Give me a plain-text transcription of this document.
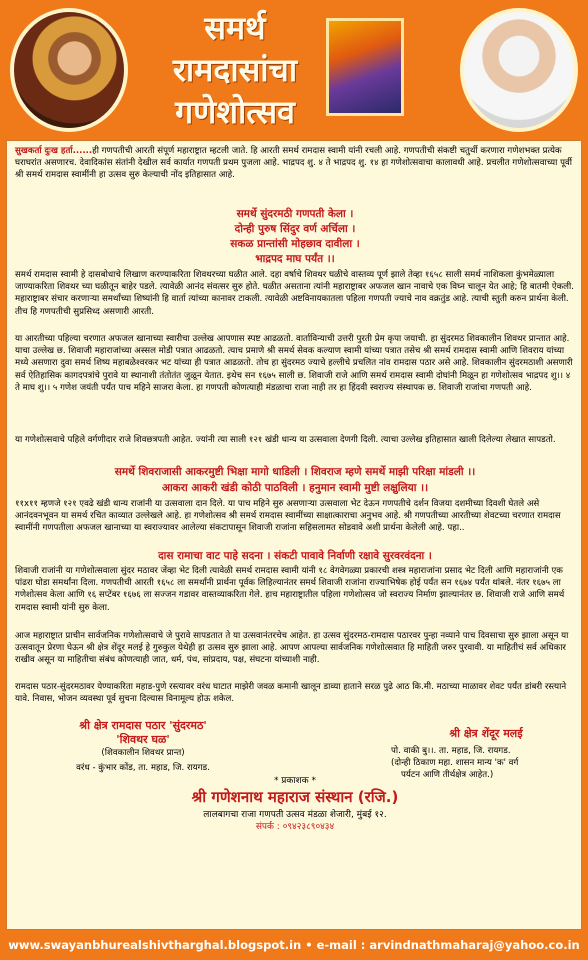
समर्थ
रामदासांचा
गणेशोत्सव
सुखकर्ता दुःख हर्ता......ही गणपतीची आरती संपूर्ण महाराष्ट्रात म्हटली जाते. हि आरती समर्थ रामदास स्वामी यांनी रचली आहे. गणपतीची संकष्टी चतुर्थी करणारा गणेशभक्त प्रत्येक घराघरांत असणारच. देवादिकांस संतांनी देखील सर्व कार्यात गणपती प्रथम पुजला आहे. भाद्रपद शु. ४ ते भाद्रपद शु. १४ हा गणेशोत्सवाचा कालावधी आहे. प्रचलीत गणेशोत्सवाच्या पूर्वी श्री समर्थ रामदास स्वामींनी हा उत्सव सुरु केल्याची नोंद इतिहासात आहे.
समर्थे सुंदरमठी गणपती केला ।
दोन्ही पुरुष सिंदुर वर्ण अर्चिला ।
सकळ प्रान्तांसी मोहछाव दावीला ।
भाद्रपद माघ पर्यंत ।।
समर्थ रामदास स्वामी हे दासबोधाचे लिखाण करण्याकरिता शिवथरच्या घळीत आले. दहा वर्षाचे शिवथर घळीचे वास्तव्य पूर्ण झाले तेव्हा १६५८ साली समर्थ नाशिकला कुंभमेळ्याला जाण्याकरिता शिवथर च्या घळीतून बाहेर पडले. त्यावेळी आनंद संवत्सर सुरु होते. घळीत असताना त्यांनी महाराष्ट्राबर अफजल खान नावाचे एक विघ्न चालून येत आहे; हि बातमी ऐकली. महाराष्ट्राबर संचार करणाऱ्या समर्थांच्या शिष्यांनी हि वार्ता त्यांच्या कानावर टाकली. त्यावेळी अष्टविनायकातला पहिला गणपती ज्याचे नाव वक्रतुंड आहे. त्याची स्तुती करुन प्रार्थना केली. तीच हि गणपतीची सुप्रसिध्द असणारी आरती.
या आरतीच्या पहिल्या चरणात अफजल खानाच्या स्वारीचा उल्लेख आपणास स्पष्ट आढळतो. वार्ताविन्याची उत्तरी पुरती प्रेम कृपा जयाची. हा सुंदरमठ शिवकालीन शिवथर प्रान्तात आहे. याचा उल्लेख छ. शिवाजी महाराजांच्या अस्सल मोडी पत्रात आढळतो. त्याच प्रमाणे श्री समर्थ सेवक कल्याण स्वामी यांच्या पत्रात तसेच श्री समर्थ रामदास स्वामी आणि शिवराय यांच्या मध्ये असणारा दुवा समर्थ शिष्य महाबळेश्वरकर भट यांच्या ही पत्रात आढळतो. तोच हा सुंदरमठ ज्याचे हल्लीचे प्रचलित नांव रामदास पठार असे आहे. शिवकालीन सुंदरमठाशी असणारी सर्व ऐतिहासिक कागदपत्रांचे पुरावे या स्थानाशी तंतोतंत जुळून येतात. इथेच सन १६७५ साली छ. शिवाजी राजे आणि समर्थ रामदास स्वामी दोघांनी मिळून हा गणेशोत्सव भाद्रपद शु।। ४ ते माघ शु।। ५ गणेश जयंती पर्यंत पाच महिने साजरा केला. हा गणपती कोणत्याही मंडळाचा राजा नाही तर हा हिंदवी स्वराज्य संस्थापक छ. शिवाजी राजांचा गणपती आहे.
या गणेशोत्सवाचे पहिले वर्गणीदार राजे शिवछत्रपती आहेत. ज्यांनी त्या साली १२१ खंडी धान्य या उत्सवाला देणगी दिली. त्याचा उल्लेख इतिहासात खाली दिलेल्या लेखात सापडतो.
समर्थे शिवराजासी आकरमुष्टी भिक्षा मागो धाडिली । शिवराज म्हणे समर्थे माझी परिक्षा मांडली ।।
आकरा आकरी खंडी कोठी पाठविली । हनुमान स्वामी मुष्टी लक्षुलिया ।।
११x११ म्हणजे १२१ एवढे खंडी धान्य राजांनी या उत्सवाला दान दिले. या पाच महिने सुरु असणाऱ्या उत्सवाला भेट देऊन गणपतीचे दर्शन विजया दशमीच्या दिवशी घेतले असे आनंदवनभूवन या समर्थ रचित काव्यात उल्लेखले आहे. हा गणेशोत्सव श्री समर्थ रामदास स्वामींच्या साक्षात्काराचा अनुभव आहे. श्री गणपतीच्या आरतीच्या शेवटच्या चरणात रामदास स्वामींनी गणपतीला अफजल खानाच्या या स्वराज्यावर आलेल्या संकटापासून शिवाजी राजांना सहिसलामत सोडवावे अशी प्रार्थना केलेली आहे. पहा..
दास रामाचा वाट पाहे सदना । संकटी पावावे निर्वाणी रक्षावे सुरवरवंदना ।
शिवाजी राजांनी या गणेशोत्सवाला सुंदर मठावर जेंव्हा भेट दिली त्यावेळी समर्थ रामदास स्वामी यांनी १८ वेगवेगळ्या प्रकारची शस्त्र महाराजांना प्रसाद भेट दिली आणि महाराजांनी एक पांढरा घोडा समर्थांना दिला. गणपतीची आरती १६५८ ला समर्थांनी प्रार्थना पूर्वक लिहिल्यानंतर समर्थ शिवाजी राजांना राज्याभिषेक होई पर्यंत सन १६७४ पर्यंत थांबले. नंतर १६७५ ला गणेशोत्सव केला आणि १६ सप्टेंबर १६७६ ला सज्जन गडावर वास्तव्याकरिता गेले. हाच महाराष्ट्रातील पहिला गणेशोत्सव जो स्वराज्य निर्माण झाल्यानंतर छ. शिवाजी राजे आणि समर्थ रामदास स्वामी यांनी सुरु केला.
आज महाराष्ट्रात प्राचीन सार्वजनिक गणेशोत्सवाचे जे पुरावे सापडतात ते या उत्सवानंतरचेच आहेत. हा उत्सव सुंदरमठ-रामदास पठारवर पुन्हा नव्याने पाच दिवसाचा सुरु झाला असून या उत्सवातून प्रेरणा घेऊन श्री क्षेत्र शेंदूर मलई हे गुरुकुल येथेही हा उत्सव सुरु झाला आहे. आपण आपल्या सार्वजनिक गणेशोत्सवात हि माहिती जरुर पुरवावी. या माहितीचं सर्व अधिकार राखीव असून या माहितीचा संबंध कोणत्याही जात, धर्म, पंथ, सांप्रदाय, पक्ष, संघटना यांच्याशी नाही.
रामदास पठार-सुंदरमठावर येण्याकरिता महाड-पुणे रस्त्यावर वरंध घाटात माझेरी जवळ कमानी खालून डाव्या हाताने सरळ पुढे आठ कि.मी. मठाच्या माळावर शेवट पर्यंत डांबरी रस्त्याने यावे. निवास, भोजन व्यवस्था पूर्व सुचना दिल्यास विनामूल्य होऊ शकेल.
श्री क्षेत्र रामदास पठार 'सुंदरमठ'
'शिवथर घळ'
(शिवकालीन शिवथर प्रान्त)
वरंध - कुंभार कोंड, ता. महाड, जि. रायगड.
श्री क्षेत्र शेंदूर मलई
पो. वाकी बु।।. ता. महाड, जि. रायगड.
(दोन्ही ठिकाण महा. शासन मान्य 'क' वर्ग
पर्यटन आणि तीर्थक्षेत्र आहेत.)
* प्रकाशक *
श्री गणेशनाथ महाराज संस्थान (रजि.)
लालबागचा राजा गणपती उत्सव मंडळा शेजारी, मुंबई १२.
संपर्क : ०९४२३८९०४३४
www.swayanbhurealshivtharghal.blogspot.in • e-mail : arvindnathmaharaj@yahoo.co.in
